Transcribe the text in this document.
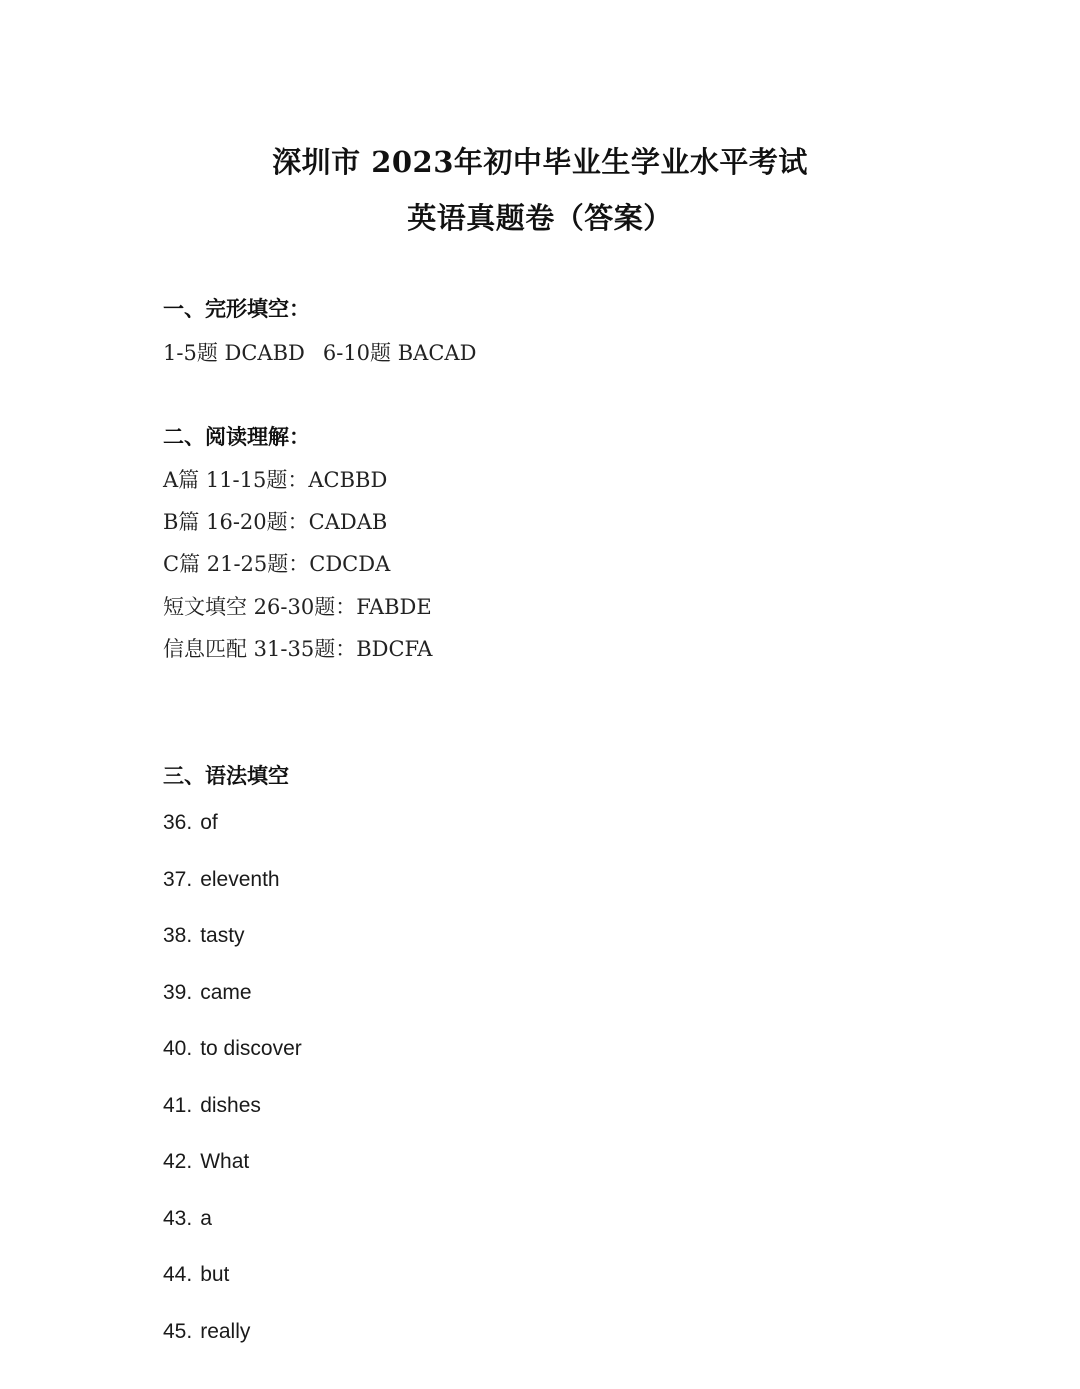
深圳市 2023年初中毕业生学业水平考试
英语真题卷（答案）
一、完形填空：
1-5题 DCABD 6-10题 BACAD
二、阅读理解：
A篇 11-15题：ACBBD
B篇 16-20题：CADAB
C篇 21-25题：CDCDA
短文填空 26-30题：FABDE
信息匹配 31-35题：BDCFA
三、语法填空
36. of
37. eleventh
38. tasty
39. came
40. to discover
41. dishes
42. What
43. a
44. but
45. really
